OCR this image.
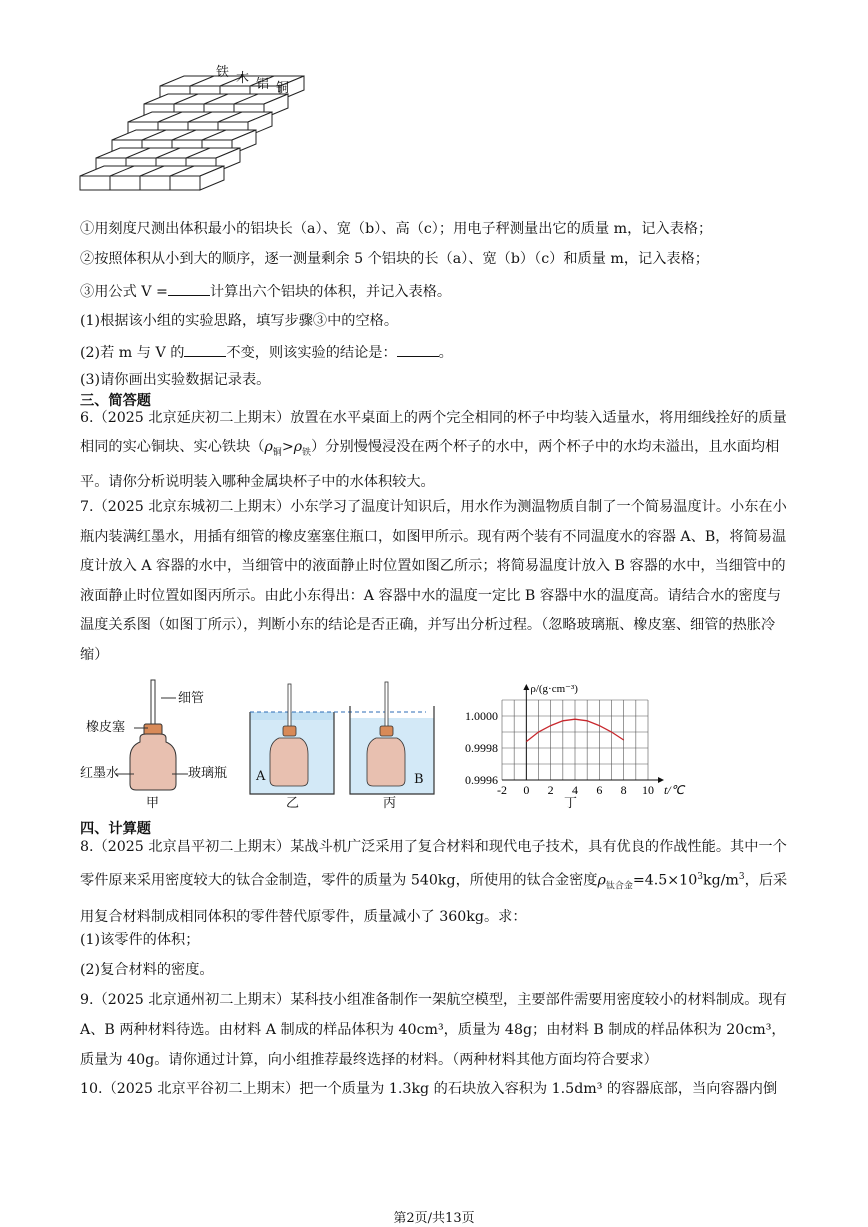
铁 木 铝 铜
①用刻度尺测出体积最小的铝块长（a）、宽（b）、高（c）；用电子秤测量出它的质量 m，记入表格；
②按照体积从小到大的顺序，逐一测量剩余 5 个铝块的长（a）、宽（b）（c）和质量 m，记入表格；
③用公式 V =	计算出六个铝块的体积，并记入表格。
(1)根据该小组的实验思路，填写步骤③中的空格。
(2)若 m 与 V 的	不变，则该实验的结论是：	。
(3)请你画出实验数据记录表。
三、简答题
6.（2025 北京延庆初二上期末）放置在水平桌面上的两个完全相同的杯子中均装入适量水，将用细线拴好的质量相同的实心铜块、实心铁块$(\rho_铜>\rho_铁)$分别慢慢浸没在两个杯子的水中，两个杯子中的水均未溢出，且水面均相平。请你分析说明装入哪种金属块杯子中的水体积较大。
7.（2025 北京东城初二上期末）小东学习了温度计知识后，用水作为测温物质自制了一个简易温度计。小东在小瓶内装满红墨水，用插有细管的橡皮塞塞住瓶口，如图甲所示。现有两个装有不同温度水的容器 A、B，将简易温度计放入 A 容器的水中，当细管中的液面静止时位置如图乙所示；将简易温度计放入 B 容器的水中，当细管中的液面静止时位置如图丙所示。由此小东得出：A 容器中水的温度一定比 B 容器中水的温度高。请结合水的密度与温度关系图（如图丁所示），判断小东的结论是否正确，并写出分析过程。（忽略玻璃瓶、橡皮塞、细管的热胀冷缩）
细管
橡皮塞
红墨水	玻璃瓶
甲
A
乙
B
丙
-2 0 2 4 6 8 10
1.0000
0.9998
0.9996
ρ/(g·cm⁻³)
t/℃
丁
四、计算题
8.（2025 北京昌平初二上期末）某战斗机广泛采用了复合材料和现代电子技术，具有优良的作战性能。其中一个零件原来采用密度较大的钛合金制造，零件的质量为 540kg，所使用的钛合金密度$\rho_{钛合金}=4.5\times 10^3kg/m^3$，后采用复合材料制成相同体积的零件替代原零件，质量减小了 360kg。求：
(1)该零件的体积；
(2)复合材料的密度。
9.（2025 北京通州初二上期末）某科技小组准备制作一架航空模型，主要部件需要用密度较小的材料制成。现有 A、B 两种材料待选。由材料 A 制成的样品体积为 40cm³，质量为 48g；由材料 B 制成的样品体积为 20cm³，质量为 40g。请你通过计算，向小组推荐最终选择的材料。（两种材料其他方面均符合要求）
10.（2025 北京平谷初二上期末）把一个质量为 1.3kg 的石块放入容积为 1.5dm³ 的容器底部，当向容器内倒
第2页/共13页
